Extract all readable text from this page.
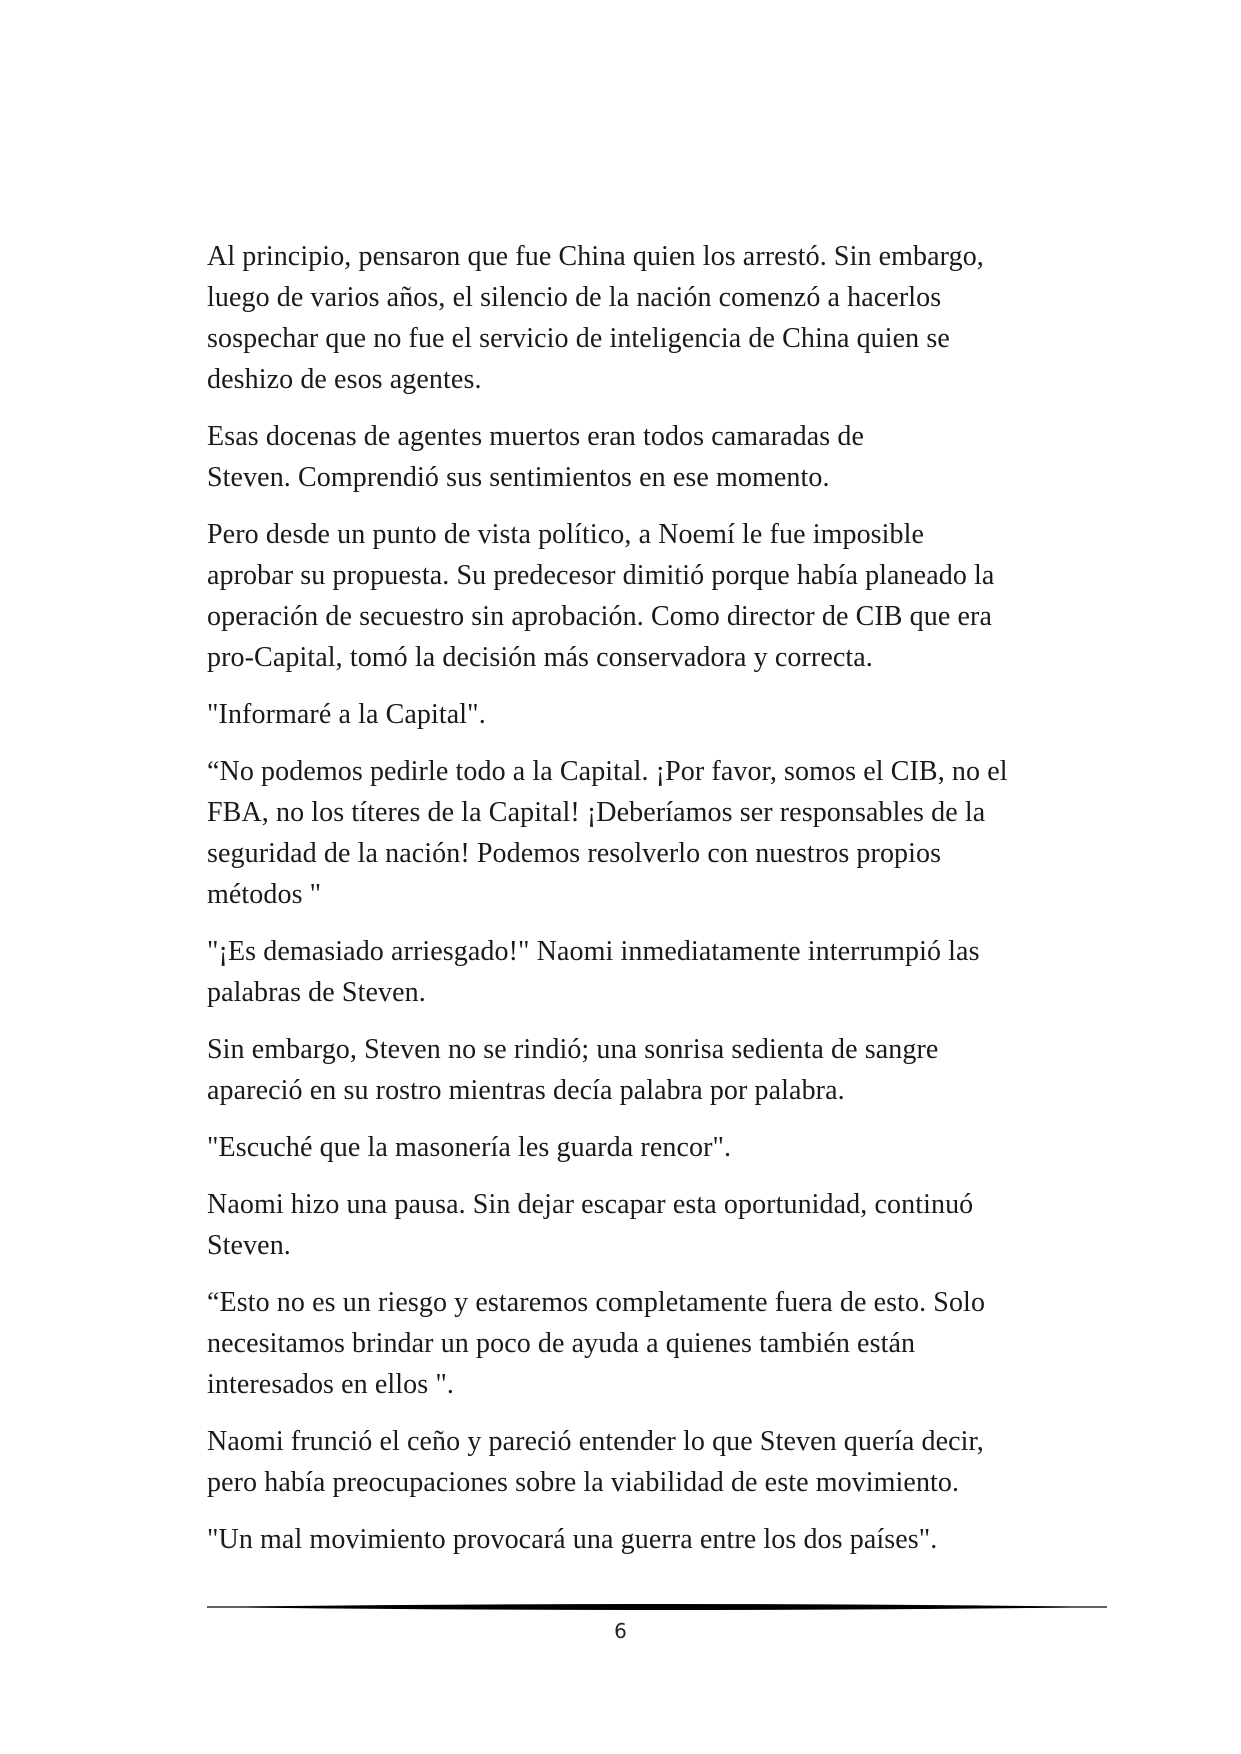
Al principio, pensaron que fue China quien los arrestó. Sin embargo,
luego de varios años, el silencio de la nación comenzó a hacerlos
sospechar que no fue el servicio de inteligencia de China quien se
deshizo de esos agentes.

Esas docenas de agentes muertos eran todos camaradas de
Steven. Comprendió sus sentimientos en ese momento.

Pero desde un punto de vista político, a Noemí le fue imposible
aprobar su propuesta. Su predecesor dimitió porque había planeado la
operación de secuestro sin aprobación. Como director de CIB que era
pro-Capital, tomó la decisión más conservadora y correcta.

"Informaré a la Capital".

“No podemos pedirle todo a la Capital. ¡Por favor, somos el CIB, no el
FBA, no los títeres de la Capital! ¡Deberíamos ser responsables de la
seguridad de la nación! Podemos resolverlo con nuestros propios
métodos "

"¡Es demasiado arriesgado!" Naomi inmediatamente interrumpió las
palabras de Steven.

Sin embargo, Steven no se rindió; una sonrisa sedienta de sangre
apareció en su rostro mientras decía palabra por palabra.

"Escuché que la masonería les guarda rencor".

Naomi hizo una pausa. Sin dejar escapar esta oportunidad, continuó
Steven.

“Esto no es un riesgo y estaremos completamente fuera de esto. Solo
necesitamos brindar un poco de ayuda a quienes también están
interesados en ellos ".

Naomi frunció el ceño y pareció entender lo que Steven quería decir,
pero había preocupaciones sobre la viabilidad de este movimiento.

"Un mal movimiento provocará una guerra entre los dos países".

6
